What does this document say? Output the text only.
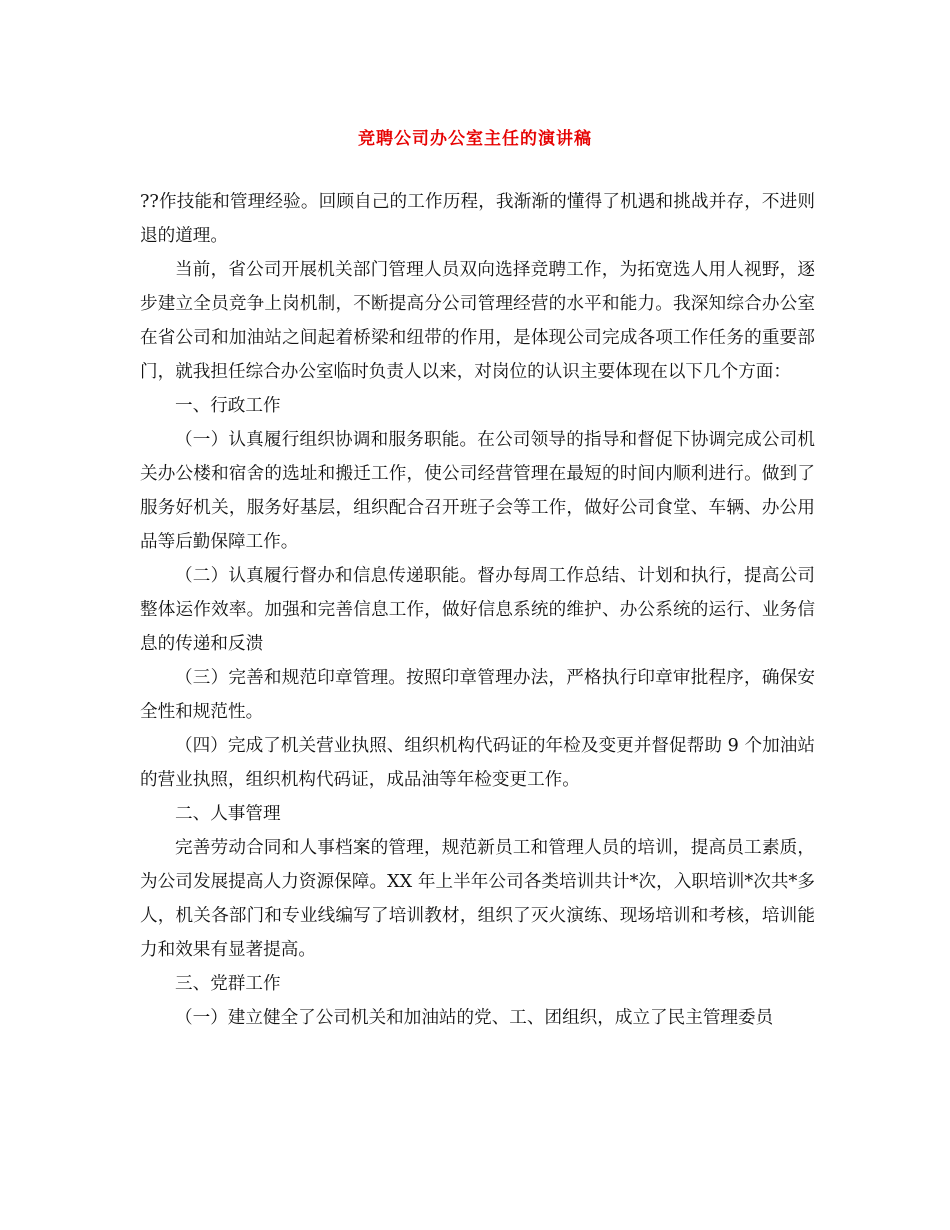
竞聘公司办公室主任的演讲稿

??作技能和管理经验。回顾自己的工作历程，我渐渐的懂得了机遇和挑战并存，不进则退的道理。

当前，省公司开展机关部门管理人员双向选择竞聘工作，为拓宽选人用人视野，逐步建立全员竞争上岗机制，不断提高分公司管理经营的水平和能力。我深知综合办公室在省公司和加油站之间起着桥梁和纽带的作用，是体现公司完成各项工作任务的重要部门，就我担任综合办公室临时负责人以来，对岗位的认识主要体现在以下几个方面：

一、行政工作

（一）认真履行组织协调和服务职能。在公司领导的指导和督促下协调完成公司机关办公楼和宿舍的选址和搬迁工作，使公司经营管理在最短的时间内顺利进行。做到了服务好机关，服务好基层，组织配合召开班子会等工作，做好公司食堂、车辆、办公用品等后勤保障工作。

（二）认真履行督办和信息传递职能。督办每周工作总结、计划和执行，提高公司整体运作效率。加强和完善信息工作，做好信息系统的维护、办公系统的运行、业务信息的传递和反溃

（三）完善和规范印章管理。按照印章管理办法，严格执行印章审批程序，确保安全性和规范性。

（四）完成了机关营业执照、组织机构代码证的年检及变更并督促帮助 9 个加油站的营业执照，组织机构代码证，成品油等年检变更工作。

二、人事管理

完善劳动合同和人事档案的管理，规范新员工和管理人员的培训，提高员工素质，为公司发展提高人力资源保障。XX 年上半年公司各类培训共计*次，入职培训*次共*多人，机关各部门和专业线编写了培训教材，组织了灭火演练、现场培训和考核，培训能力和效果有显著提高。

三、党群工作

（一）建立健全了公司机关和加油站的党、工、团组织，成立了民主管理委员
